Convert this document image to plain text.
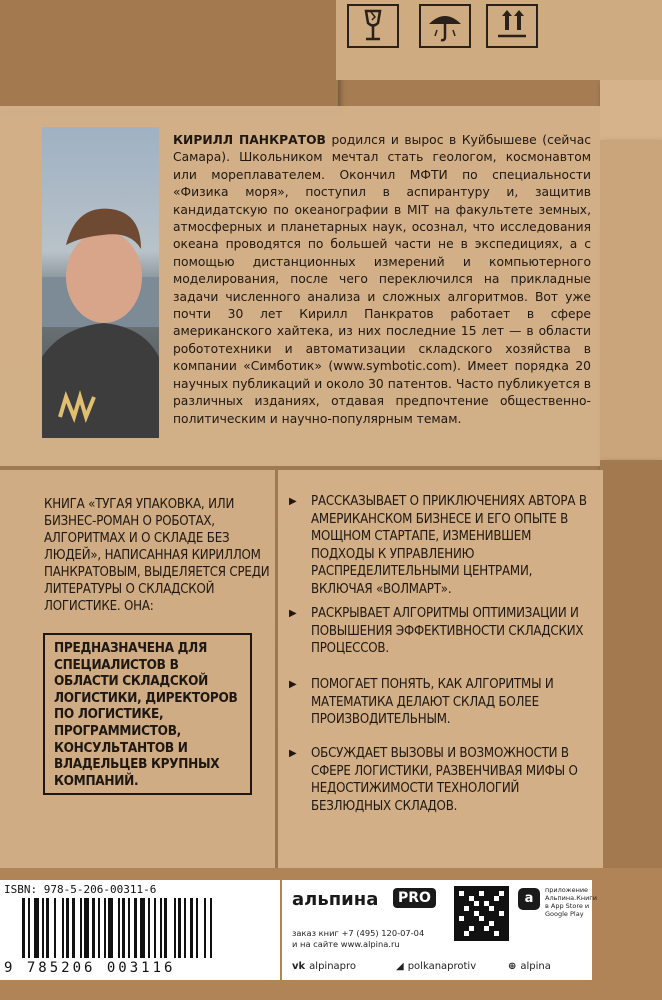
КИРИЛЛ ПАНКРАТОВ родился и вырос в Куйбышеве (сейчас Самара). Школьником мечтал стать геологом, космонавтом или мореплавателем. Окончил МФТИ по специальности «Физика моря», поступил в аспирантуру и, защитив кандидатскую по океанографии в MIT на факультете земных, атмосферных и планетарных наук, осознал, что исследования океана проводятся по большей части не в экспедициях, а с помощью дистанционных измерений и компьютерного моделирования, после чего переключился на прикладные задачи численного анализа и сложных алгоритмов. Вот уже почти 30 лет Кирилл Панкратов работает в сфере американского хайтека, из них последние 15 лет — в области робототехники и автоматизации складского хозяйства в компании «Симботик» (www.symbotic.com). Имеет порядка 20 научных публикаций и около 30 патентов. Часто публикуется в различных изданиях, отдавая предпочтение общественно-политическим и научно-популярным темам.

КНИГА «ТУГАЯ УПАКОВКА, ИЛИ БИЗНЕС-РОМАН О РОБОТАХ, АЛГОРИТМАХ И О СКЛАДЕ БЕЗ ЛЮДЕЙ», НАПИСАННАЯ КИРИЛЛОМ ПАНКРАТОВЫМ, ВЫДЕЛЯЕТСЯ СРЕДИ ЛИТЕРАТУРЫ О СКЛАДСКОЙ ЛОГИСТИКЕ. ОНА:

ПРЕДНАЗНАЧЕНА ДЛЯ СПЕЦИАЛИСТОВ В ОБЛАСТИ СКЛАДСКОЙ ЛОГИСТИКИ, ДИРЕКТОРОВ ПО ЛОГИСТИКЕ, ПРОГРАММИСТОВ, КОНСУЛЬТАНТОВ И ВЛАДЕЛЬЦЕВ КРУПНЫХ КОМПАНИЙ.

▶ РАССКАЗЫВАЕТ О ПРИКЛЮЧЕНИЯХ АВТОРА В АМЕРИКАНСКОМ БИЗНЕСЕ И ЕГО ОПЫТЕ В МОЩНОМ СТАРТАПЕ, ИЗМЕНИВШЕМ ПОДХОДЫ К УПРАВЛЕНИЮ РАСПРЕДЕЛИТЕЛЬНЫМИ ЦЕНТРАМИ, ВКЛЮЧАЯ «ВОЛМАРТ».

▶ РАСКРЫВАЕТ АЛГОРИТМЫ ОПТИМИЗАЦИИ И ПОВЫШЕНИЯ ЭФФЕКТИВНОСТИ СКЛАДСКИХ ПРОЦЕССОВ.

▶ ПОМОГАЕТ ПОНЯТЬ, КАК АЛГОРИТМЫ И МАТЕМАТИКА ДЕЛАЮТ СКЛАД БОЛЕЕ ПРОИЗВОДИТЕЛЬНЫМ.

▶ ОБСУЖДАЕТ ВЫЗОВЫ И ВОЗМОЖНОСТИ В СФЕРЕ ЛОГИСТИКИ, РАЗВЕНЧИВАЯ МИФЫ О НЕДОСТИЖИМОСТИ ТЕХНОЛОГИЙ БЕЗЛЮДНЫХ СКЛАДОВ.

ISBN: 978-5-206-00311-6
9 785206 003116
альпина	PRO

заказ книг +7 (495) 120-07-04
и на сайте www.alpina.ru

a

приложение Альпина.Книги в App Store и Google Play

vk alpinapro	◢ polkanaprotiv	⊕ alpina
